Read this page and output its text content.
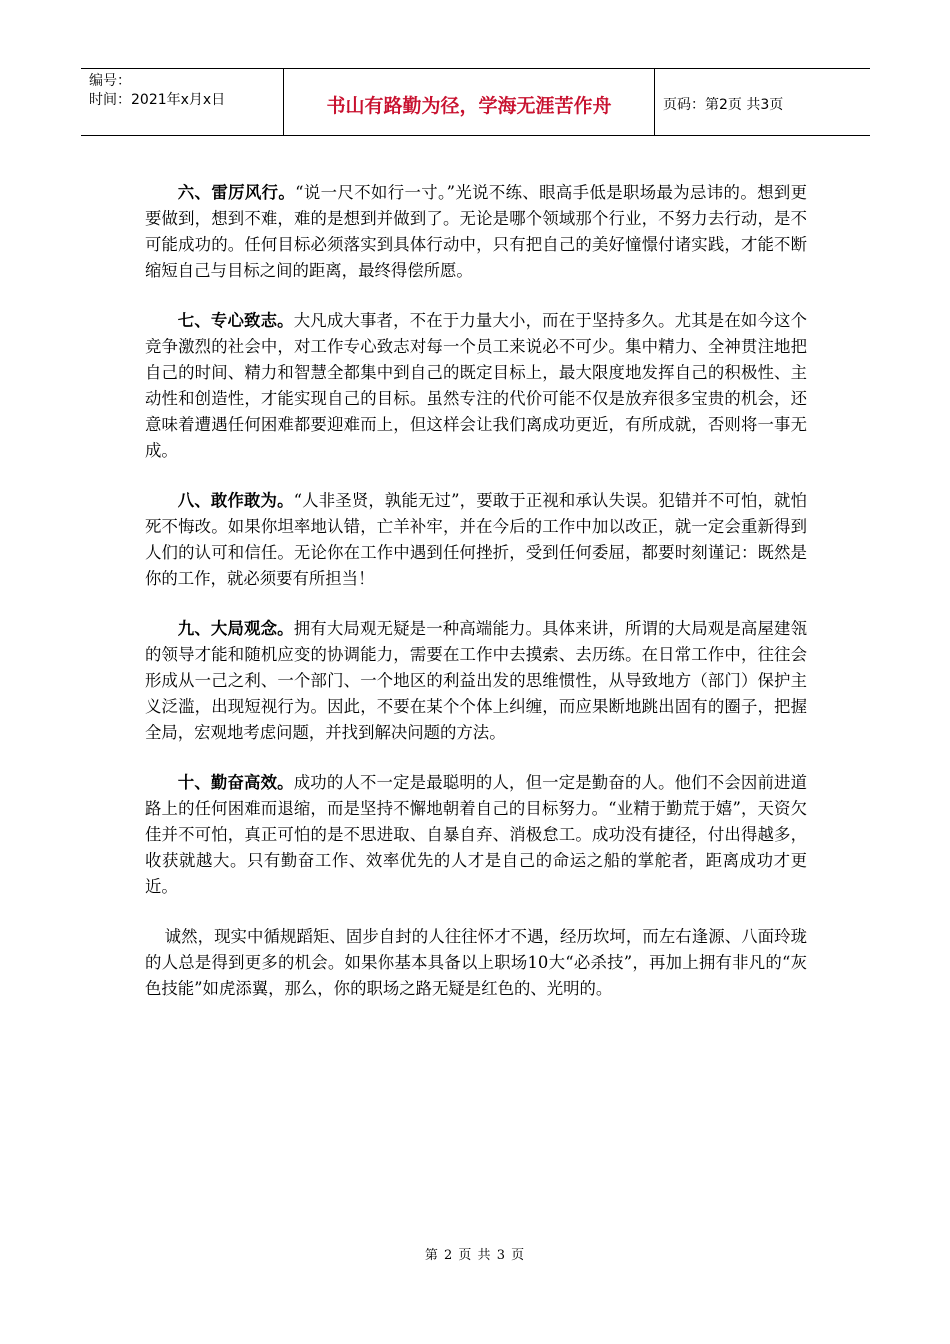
编号：
时间：2021年x月x日	书山有路勤为径，学海无涯苦作舟	页码：第2页 共3页

六、雷厉风行。“说一尺不如行一寸。”光说不练、眼高手低是职场最为忌讳的。想到更要做到，想到不难，难的是想到并做到了。无论是哪个领域那个行业，不努力去行动，是不可能成功的。任何目标必须落实到具体行动中，只有把自己的美好憧憬付诸实践，才能不断缩短自己与目标之间的距离，最终得偿所愿。

七、专心致志。大凡成大事者，不在于力量大小，而在于坚持多久。尤其是在如今这个竞争激烈的社会中，对工作专心致志对每一个员工来说必不可少。集中精力、全神贯注地把自己的时间、精力和智慧全都集中到自己的既定目标上，最大限度地发挥自己的积极性、主动性和创造性，才能实现自己的目标。虽然专注的代价可能不仅是放弃很多宝贵的机会，还意味着遭遇任何困难都要迎难而上，但这样会让我们离成功更近，有所成就，否则将一事无成。

八、敢作敢为。“人非圣贤，孰能无过”，要敢于正视和承认失误。犯错并不可怕，就怕死不悔改。如果你坦率地认错，亡羊补牢，并在今后的工作中加以改正，就一定会重新得到人们的认可和信任。无论你在工作中遇到任何挫折，受到任何委屈，都要时刻谨记：既然是你的工作，就必须要有所担当！

九、大局观念。拥有大局观无疑是一种高端能力。具体来讲，所谓的大局观是高屋建瓴的领导才能和随机应变的协调能力，需要在工作中去摸索、去历练。在日常工作中，往往会形成从一己之利、一个部门、一个地区的利益出发的思维惯性，从导致地方（部门）保护主义泛滥，出现短视行为。因此，不要在某个个体上纠缠，而应果断地跳出固有的圈子，把握全局，宏观地考虑问题，并找到解决问题的方法。

十、勤奋高效。成功的人不一定是最聪明的人，但一定是勤奋的人。他们不会因前进道路上的任何困难而退缩，而是坚持不懈地朝着自己的目标努力。“业精于勤荒于嬉”，天资欠佳并不可怕，真正可怕的是不思进取、自暴自弃、消极怠工。成功没有捷径，付出得越多，收获就越大。只有勤奋工作、效率优先的人才是自己的命运之船的掌舵者，距离成功才更近。

诚然，现实中循规蹈矩、固步自封的人往往怀才不遇，经历坎坷，而左右逢源、八面玲珑的人总是得到更多的机会。如果你基本具备以上职场10大“必杀技”，再加上拥有非凡的“灰色技能”如虎添翼，那么，你的职场之路无疑是红色的、光明的。

第 2 页 共 3 页
